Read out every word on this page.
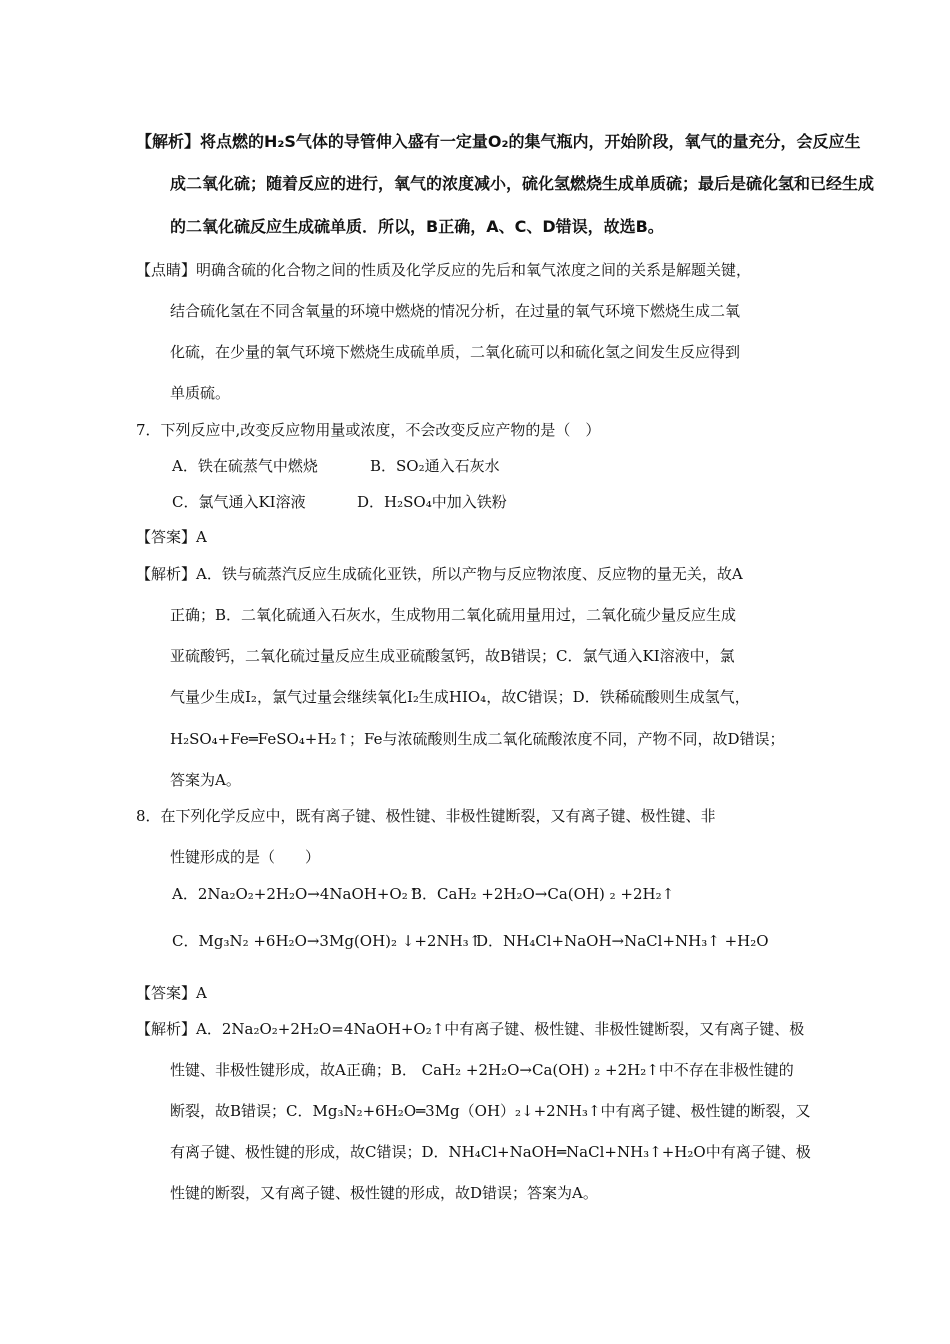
【解析】将点燃的H₂S气体的导管伸入盛有一定量O₂的集气瓶内，开始阶段，氧气的量充分，会反应生
成二氧化硫；随着反应的进行，氧气的浓度减小，硫化氢燃烧生成单质硫；最后是硫化氢和已经生成
的二氧化硫反应生成硫单质．所以，B正确，A、C、D错误，故选B。
【点睛】明确含硫的化合物之间的性质及化学反应的先后和氧气浓度之间的关系是解题关键，
结合硫化氢在不同含氧量的环境中燃烧的情况分析，在过量的氧气环境下燃烧生成二氧
化硫，在少量的氧气环境下燃烧生成硫单质，二氧化硫可以和硫化氢之间发生反应得到
单质硫。
7．下列反应中,改变反应物用量或浓度，不会改变反应产物的是（　）
A．铁在硫蒸气中燃烧	B．SO₂通入石灰水
C．氯气通入KI溶液	D．H₂SO₄中加入铁粉
【答案】A
【解析】A．铁与硫蒸汽反应生成硫化亚铁，所以产物与反应物浓度、反应物的量无关，故A
正确；B．二氧化硫通入石灰水，生成物用二氧化硫用量用过，二氧化硫少量反应生成
亚硫酸钙，二氧化硫过量反应生成亚硫酸氢钙，故B错误；C．氯气通入KI溶液中，氯
气量少生成I₂，氯气过量会继续氧化I₂生成HIO₄，故C错误；D．铁稀硫酸则生成氢气，
H₂SO₄+Fe═FeSO₄+H₂↑；Fe与浓硫酸则生成二氧化硫酸浓度不同，产物不同，故D错误；
答案为A。
8．在下列化学反应中，既有离子键、极性键、非极性键断裂，又有离子键、极性键、非
性键形成的是（　　）
A．2Na₂O₂+2H₂O→4NaOH+O₂↑
B．CaH₂ +2H₂O→Ca(OH) ₂ +2H₂↑
C．Mg₃N₂ +6H₂O→3Mg(OH)₂ ↓+2NH₃↑
D．NH₄Cl+NaOH→NaCl+NH₃↑ +H₂O
【答案】A
【解析】A．2Na₂O₂+2H₂O=4NaOH+O₂↑中有离子键、极性键、非极性键断裂，又有离子键、极
性键、非极性键形成，故A正确；B． CaH₂ +2H₂O→Ca(OH) ₂ +2H₂↑中不存在非极性键的
断裂，故B错误；C．Mg₃N₂+6H₂O═3Mg（OH）₂↓+2NH₃↑中有离子键、极性键的断裂，又
有离子键、极性键的形成，故C错误；D．NH₄Cl+NaOH═NaCl+NH₃↑+H₂O中有离子键、极
性键的断裂，又有离子键、极性键的形成，故D错误；答案为A。
